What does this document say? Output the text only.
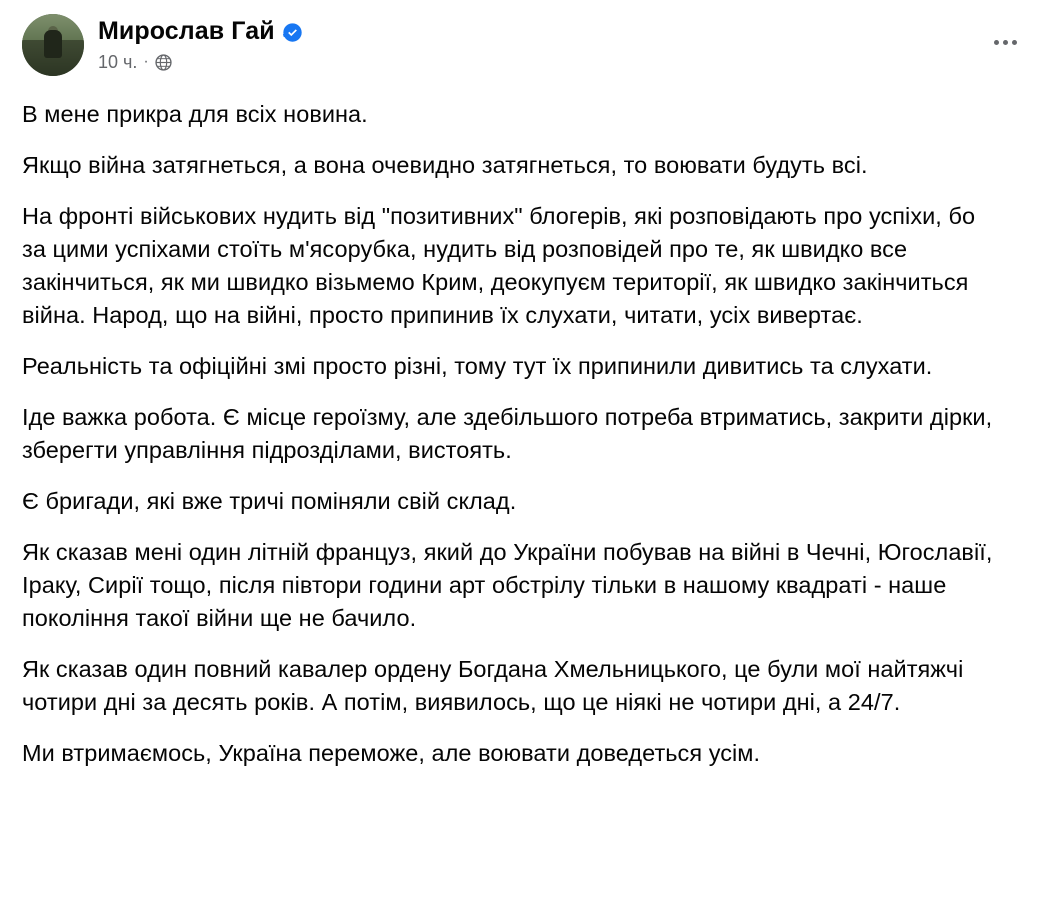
Мирослав Гай
10 ч. ·

В мене прикра для всіх новина.

Якщо війна затягнеться, а вона очевидно затягнеться, то воювати будуть всі.

На фронті військових нудить від "позитивних" блогерів, які розповідають про успіхи, бо за цими успіхами стоїть м'ясорубка, нудить від розповідей про те, як швидко все закінчиться, як ми швидко візьмемо Крим, деокупуєм території, як швидко закінчиться війна. Народ, що на війні, просто припинив їх слухати, читати, усіх вивертає.

Реальність та офіційні змі просто різні, тому тут їх припинили дивитись та слухати.

Іде важка робота. Є місце героїзму, але здебільшого потреба втриматись, закрити дірки, зберегти управління підрозділами, вистоять.

Є бригади, які вже тричі поміняли свій склад.

Як сказав мені один літній француз, який до України побував на війні в Чечні, Югославії, Іраку, Сирії тощо, після півтори години арт обстрілу тільки в нашому квадраті - наше покоління такої війни ще не бачило.

Як сказав один повний кавалер ордену Богдана Хмельницького, це були мої найтяжчі чотири дні за десять років. А потім, виявилось, що це ніякі не чотири дні, а 24/7.

Ми втримаємось, Україна переможе, але воювати доведеться усім.
